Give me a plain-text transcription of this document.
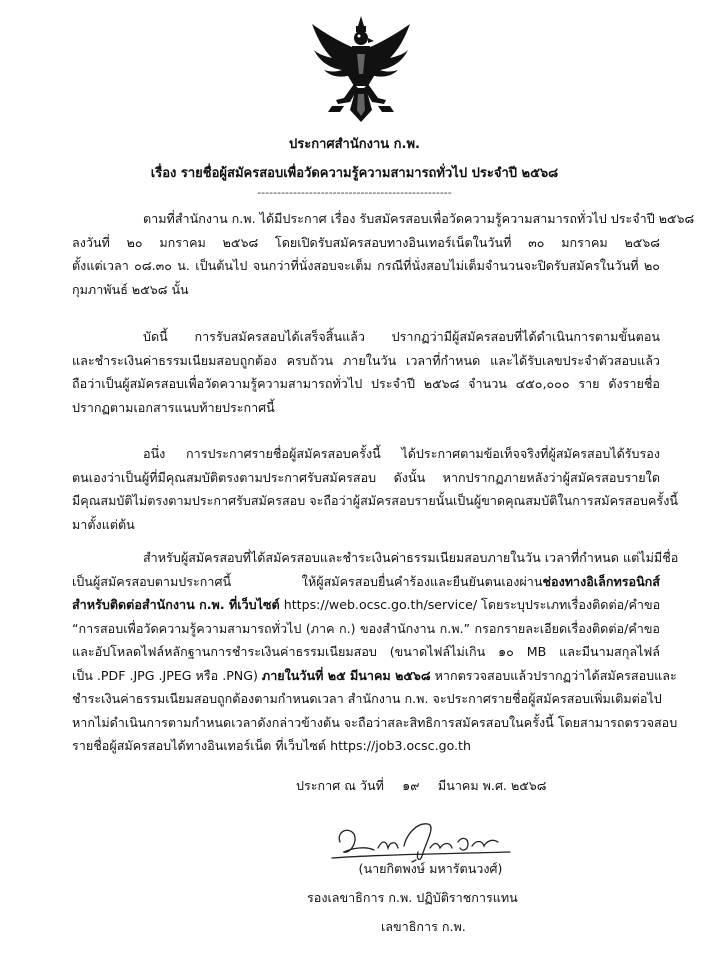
ประกาศสำนักงาน ก.พ.
เรื่อง รายชื่อผู้สมัครสอบเพื่อวัดความรู้ความสามารถทั่วไป ประจำปี ๒๕๖๘
-------------------------------------------------
ตามที่สำนักงาน ก.พ. ได้มีประกาศ เรื่อง รับสมัครสอบเพื่อวัดความรู้ความสามารถทั่วไป ประจำปี ๒๕๖๘
ลงวันที่ ๒๐ มกราคม ๒๕๖๘ โดยเปิดรับสมัครสอบทางอินเทอร์เน็ตในวันที่ ๓๐ มกราคม ๒๕๖๘
ตั้งแต่เวลา ๐๘.๓๐ น. เป็นต้นไป จนกว่าที่นั่งสอบจะเต็ม กรณีที่นั่งสอบไม่เต็มจำนวนจะปิดรับสมัครในวันที่ ๒๐
กุมภาพันธ์ ๒๕๖๘ นั้น
บัดนี้ การรับสมัครสอบได้เสร็จสิ้นแล้ว ปรากฏว่ามีผู้สมัครสอบที่ได้ดำเนินการตามขั้นตอน
และชำระเงินค่าธรรมเนียมสอบถูกต้อง ครบถ้วน ภายในวัน เวลาที่กำหนด และได้รับเลขประจำตัวสอบแล้ว
ถือว่าเป็นผู้สมัครสอบเพื่อวัดความรู้ความสามารถทั่วไป ประจำปี ๒๕๖๘ จำนวน ๔๕๐,๐๐๐ ราย ดังรายชื่อ
ปรากฏตามเอกสารแนบท้ายประกาศนี้
อนึ่ง การประกาศรายชื่อผู้สมัครสอบครั้งนี้ ได้ประกาศตามข้อเท็จจริงที่ผู้สมัครสอบได้รับรอง
ตนเองว่าเป็นผู้ที่มีคุณสมบัติตรงตามประกาศรับสมัครสอบ ดังนั้น หากปรากฏภายหลังว่าผู้สมัครสอบรายใด
มีคุณสมบัติไม่ตรงตามประกาศรับสมัครสอบ จะถือว่าผู้สมัครสอบรายนั้นเป็นผู้ขาดคุณสมบัติในการสมัครสอบครั้งนี้
มาตั้งแต่ต้น
สำหรับผู้สมัครสอบที่ได้สมัครสอบและชำระเงินค่าธรรมเนียมสอบภายในวัน เวลาที่กำหนด แต่ไม่มีชื่อ
เป็นผู้สมัครสอบตามประกาศนี้ ให้ผู้สมัครสอบยื่นคำร้องและยืนยันตนเองผ่านช่องทางอิเล็กทรอนิกส์
สำหรับติดต่อสำนักงาน ก.พ. ที่เว็บไซต์ https://web.ocsc.go.th/service/ โดยระบุประเภทเรื่องติดต่อ/คำขอ
“การสอบเพื่อวัดความรู้ความสามารถทั่วไป (ภาค ก.) ของสำนักงาน ก.พ.” กรอกรายละเอียดเรื่องติดต่อ/คำขอ
และอัปโหลดไฟล์หลักฐานการชำระเงินค่าธรรมเนียมสอบ (ขนาดไฟล์ไม่เกิน ๑๐ MB และมีนามสกุลไฟล์
เป็น .PDF .JPG .JPEG หรือ .PNG) ภายในวันที่ ๒๕ มีนาคม ๒๕๖๘ หากตรวจสอบแล้วปรากฏว่าได้สมัครสอบและ
ชำระเงินค่าธรรมเนียมสอบถูกต้องตามกำหนดเวลา สำนักงาน ก.พ. จะประกาศรายชื่อผู้สมัครสอบเพิ่มเติมต่อไป
หากไม่ดำเนินการตามกำหนดเวลาดังกล่าวข้างต้น จะถือว่าสละสิทธิการสมัครสอบในครั้งนี้ โดยสามารถตรวจสอบ
รายชื่อผู้สมัครสอบได้ทางอินเทอร์เน็ต ที่เว็บไซต์ https://job3.ocsc.go.th
ประกาศ ณ วันที่ ๑๙ มีนาคม พ.ศ. ๒๕๖๘
(นายกิตพงษ์ มหารัตนวงศ์)
รองเลขาธิการ ก.พ. ปฏิบัติราชการแทน
เลขาธิการ ก.พ.
